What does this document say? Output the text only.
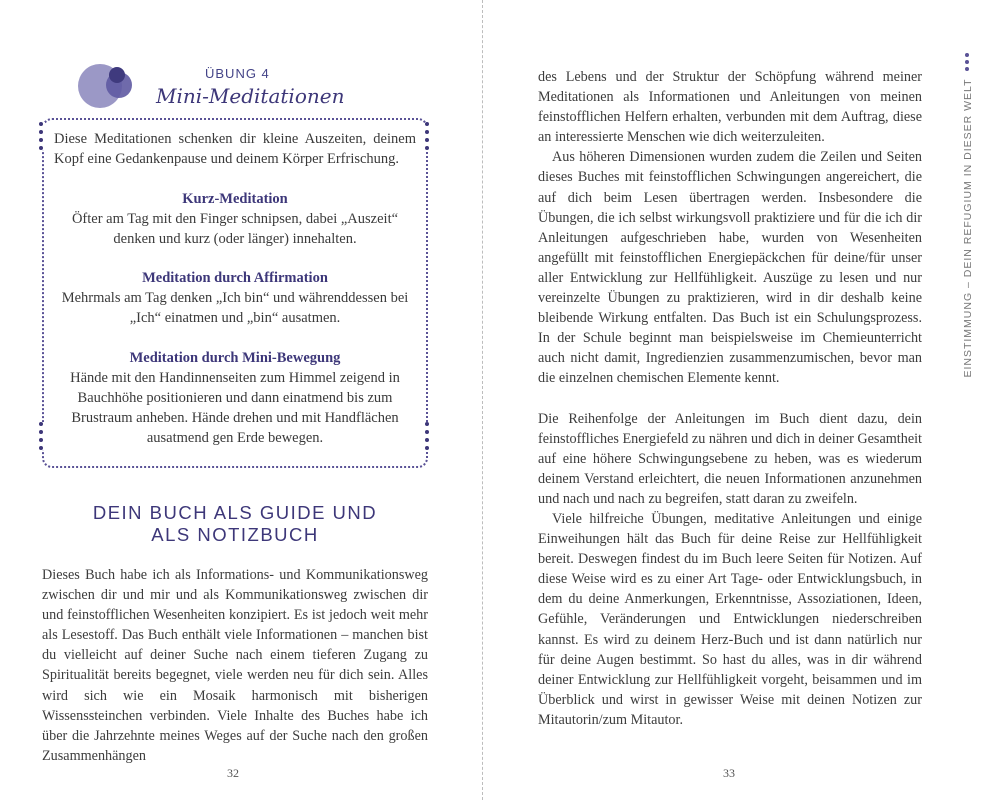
ÜBUNG 4
Mini-Meditationen
Diese Meditationen schenken dir kleine Auszeiten, deinem Kopf eine Gedankenpause und deinem Körper Erfrischung.
Kurz-Meditation
Öfter am Tag mit den Finger schnipsen, dabei „Auszeit“ denken und kurz (oder länger) innehalten.
Meditation durch Affirmation
Mehrmals am Tag denken „Ich bin“ und währenddessen bei „Ich“ einatmen und „bin“ ausatmen.
Meditation durch Mini-Bewegung
Hände mit den Handinnenseiten zum Himmel zeigend in Bauchhöhe positionieren und dann einatmend bis zum Brustraum anheben. Hände drehen und mit Handflächen ausatmend gen Erde bewegen.
DEIN BUCH ALS GUIDE UND
ALS NOTIZBUCH

Dieses Buch habe ich als Informations- und Kommunikationsweg zwischen dir und mir und als Kommunikationsweg zwischen dir und feinstofflichen Wesenheiten konzipiert. Es ist jedoch weit mehr als Lesestoff. Das Buch enthält viele Informationen – manchen bist du vielleicht auf deiner Suche nach einem tieferen Zugang zu Spiritualität bereits begegnet, viele werden neu für dich sein. Alles wird sich wie ein Mosaik harmonisch mit bisherigen Wissenssteinchen verbinden. Viele Inhalte des Buches habe ich über die Jahrzehnte meines Weges auf der Suche nach den großen Zusammenhängen

32

des Lebens und der Struktur der Schöpfung während meiner Meditationen als Informationen und Anleitungen von meinen feinstofflichen Helfern erhalten, verbunden mit dem Auftrag, diese an interessierte Menschen wie dich weiterzuleiten.

Aus höheren Dimensionen wurden zudem die Zeilen und Seiten dieses Buches mit feinstofflichen Schwingungen angereichert, die auf dich beim Lesen übertragen werden. Insbesondere die Übungen, die ich selbst wirkungsvoll praktiziere und für die ich dir Anleitungen aufgeschrieben habe, wurden von Wesenheiten angefüllt mit feinstofflichen Energiepäckchen für deine/für unser aller Entwicklung zur Hellfühligkeit. Auszüge zu lesen und nur vereinzelte Übungen zu praktizieren, wird in dir deshalb keine bleibende Wirkung entfalten. Das Buch ist ein Schulungsprozess. In der Schule beginnt man beispielsweise im Chemieunterricht auch nicht damit, Ingredienzien zusammenzumischen, bevor man die einzelnen chemischen Elemente kennt.

Die Reihenfolge der Anleitungen im Buch dient dazu, dein feinstoffliches Energiefeld zu nähren und dich in deiner Gesamtheit auf eine höhere Schwingungsebene zu heben, was es wiederum deinem Verstand erleichtert, die neuen Informationen anzunehmen und nach und nach zu begreifen, statt daran zu zweifeln.

Viele hilfreiche Übungen, meditative Anleitungen und einige Einweihungen hält das Buch für deine Reise zur Hellfühligkeit bereit. Deswegen findest du im Buch leere Seiten für Notizen. Auf diese Weise wird es zu einer Art Tage- oder Entwicklungsbuch, in dem du deine Anmerkungen, Erkenntnisse, Assoziationen, Ideen, Gefühle, Veränderungen und Entwicklungen niederschreiben kannst. Es wird zu deinem Herz-Buch und ist dann natürlich nur für deine Augen bestimmt. So hast du alles, was in dir während deiner Entwicklung zur Hellfühligkeit vorgeht, beisammen und im Überblick und wirst in gewisser Weise mit deinen Notizen zur Mitautorin/zum Mitautor.

33
EINSTIMMUNG – DEIN REFUGIUM IN DIESER WELT
